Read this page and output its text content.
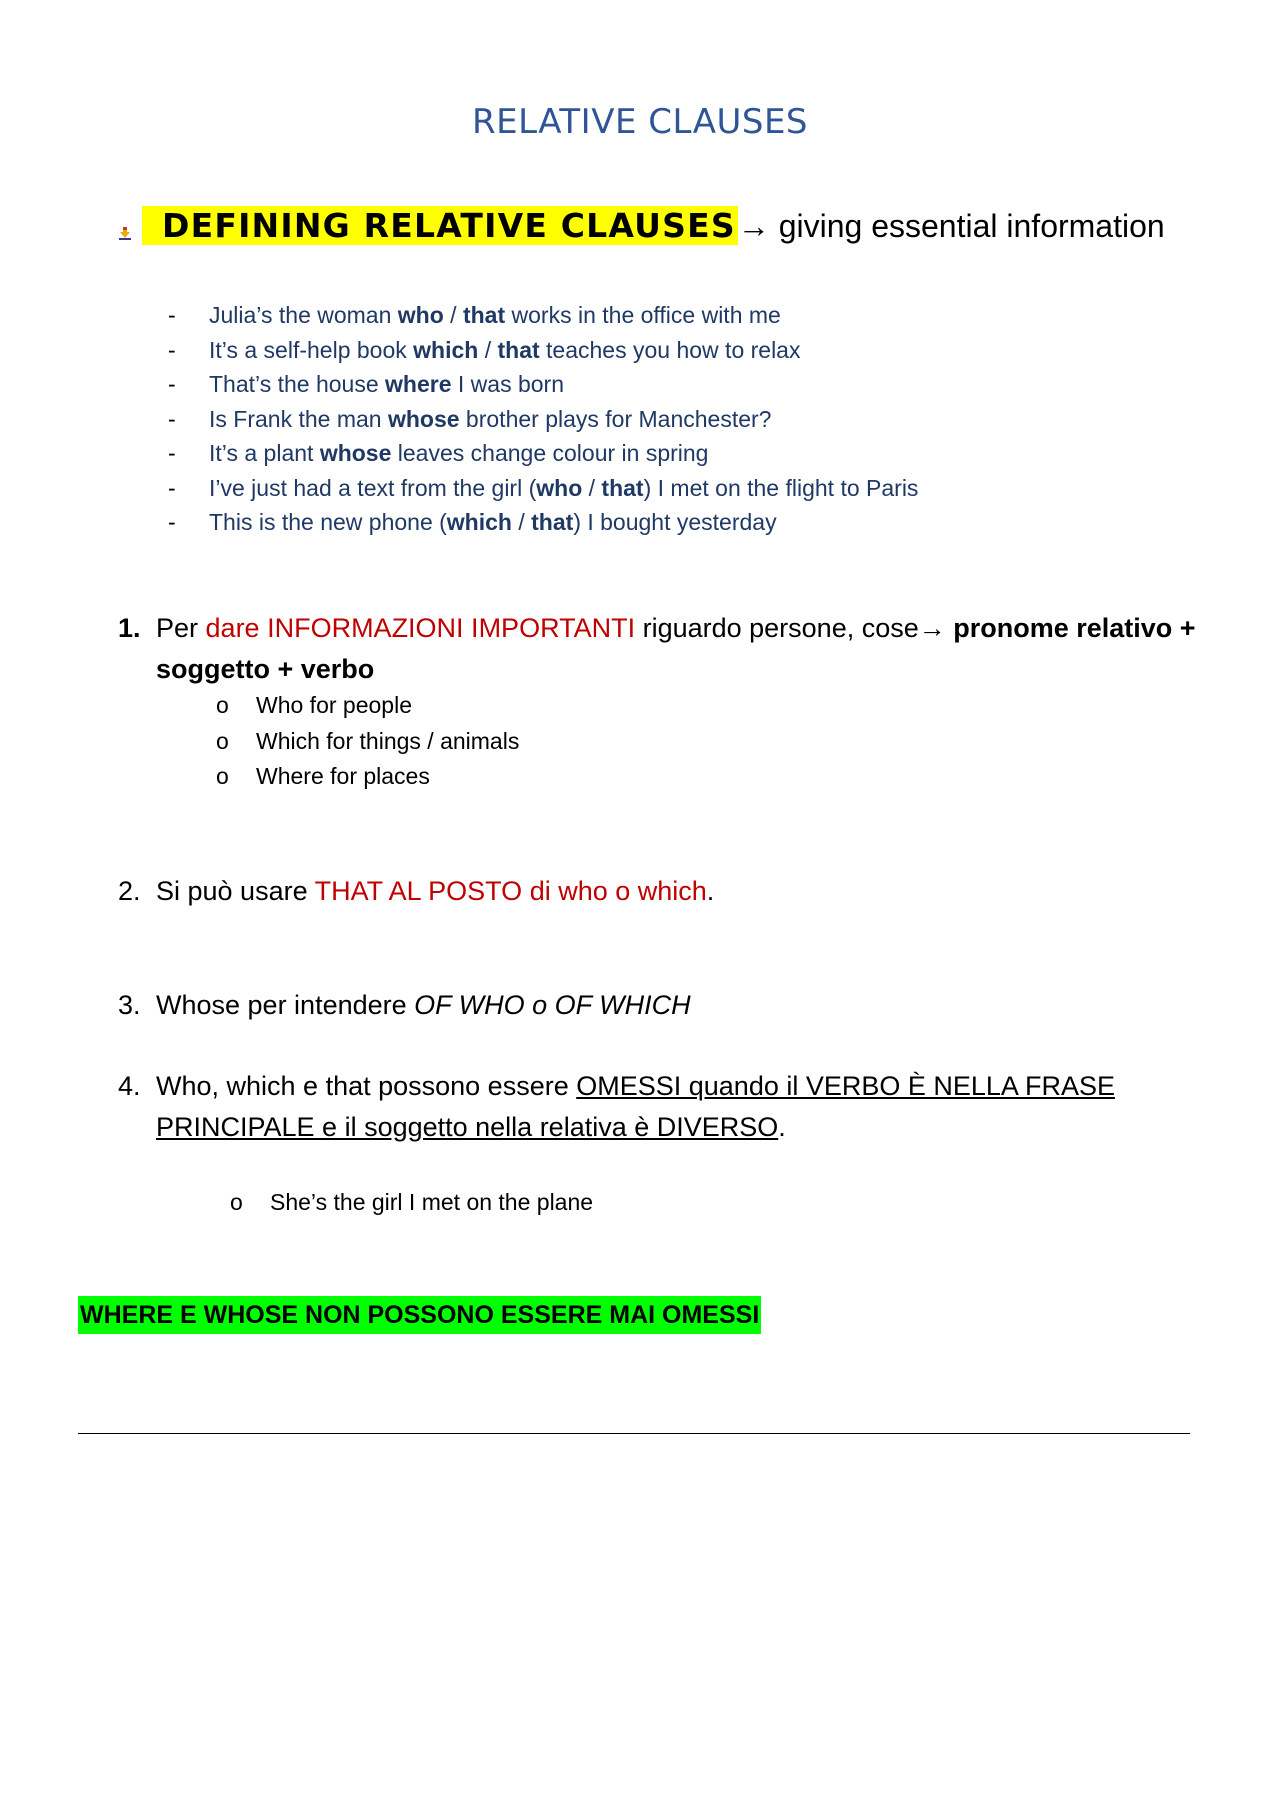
RELATIVE CLAUSES
DEFINING RELATIVE CLAUSES→ giving essential information
- Julia’s the woman who / that works in the office with me
- It’s a self-help book which / that teaches you how to relax
- That’s the house where I was born
- Is Frank the man whose brother plays for Manchester?
- It’s a plant whose leaves change colour in spring
- I’ve just had a text from the girl (who / that) I met on the flight to Paris
- This is the new phone (which / that) I bought yesterday
1. Per dare INFORMAZIONI IMPORTANTI riguardo persone, cose→ pronome relativo + soggetto + verbo
o Who for people
o Which for things / animals
o Where for places
2. Si può usare THAT AL POSTO di who o which.
3. Whose per intendere OF WHO o OF WHICH
4. Who, which e that possono essere OMESSI quando il VERBO È NELLA FRASE PRINCIPALE e il soggetto nella relativa è DIVERSO.
o She’s the girl I met on the plane
WHERE E WHOSE NON POSSONO ESSERE MAI OMESSI
